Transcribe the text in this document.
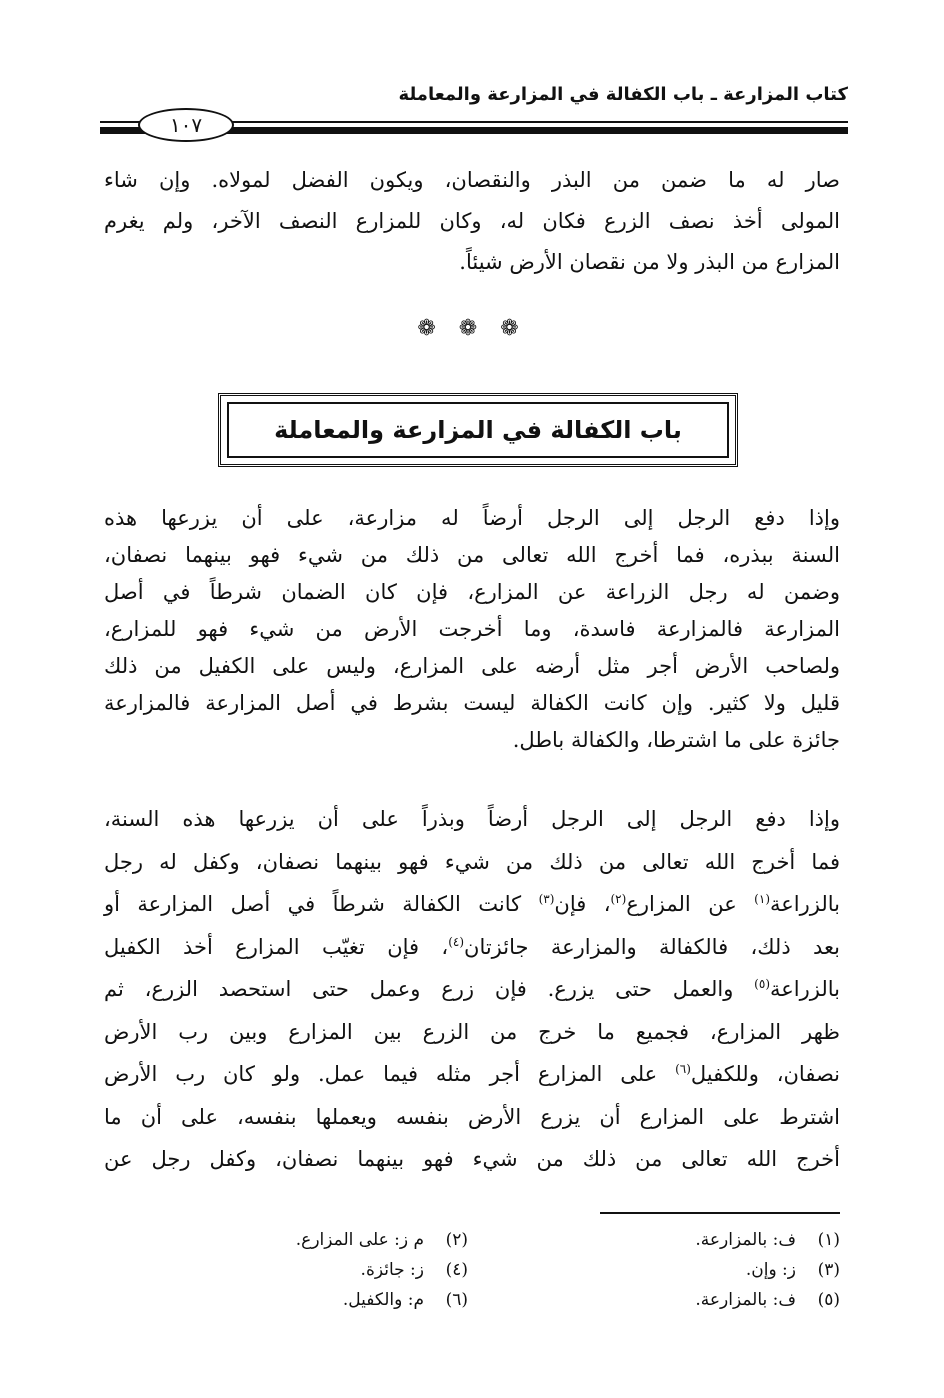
كتاب المزارعة ـ باب الكفالة في المزارعة والمعاملة
١٠٧
صار له ما ضمن من البذر والنقصان، ويكون الفضل لمولاه. وإن شاء
المولى أخذ نصف الزرع فكان له، وكان للمزارع النصف الآخر، ولم يغرم
المزارع من البذر ولا من نقصان الأرض شيئاً.
❁ ❁ ❁
باب الكفالة في المزارعة والمعاملة
وإذا دفع الرجل إلى الرجل أرضاً له مزارعة، على أن يزرعها هذه
السنة ببذره، فما أخرج الله تعالى من ذلك من شيء فهو بينهما نصفان،
وضمن له رجل الزراعة عن المزارع، فإن كان الضمان شرطاً في أصل
المزارعة فالمزارعة فاسدة، وما أخرجت الأرض من شيء فهو للمزارع،
ولصاحب الأرض أجر مثل أرضه على المزارع، وليس على الكفيل من ذلك
قليل ولا كثير. وإن كانت الكفالة ليست بشرط في أصل المزارعة فالمزارعة
جائزة على ما اشترطا، والكفالة باطل.
وإذا دفع الرجل إلى الرجل أرضاً وبذراً على أن يزرعها هذه السنة،
فما أخرج الله تعالى من ذلك من شيء فهو بينهما نصفان، وكفل له رجل
بالزراعة$^{(١)}$ عن المزارع$^{(٢)}$، فإن$^{(٣)}$ كانت الكفالة شرطاً في أصل المزارعة أو
بعد ذلك، فالكفالة والمزارعة جائزتان$^{(٤)}$، فإن تغيّب المزارع أخذ الكفيل
بالزراعة$^{(٥)}$ والعمل حتى يزرع. فإن زرع وعمل حتى استحصد الزرع، ثم
ظهر المزارع، فجميع ما خرج من الزرع بين المزارع وبين رب الأرض
نصفان، وللكفيل$^{(٦)}$ على المزارع أجر مثله فيما عمل. ولو كان رب الأرض
اشترط على المزارع أن يزرع الأرض بنفسه ويعملها بنفسه، على أن ما
أخرج الله تعالى من ذلك من شيء فهو بينهما نصفان، وكفل رجل عن
(١)ف: بالمزارعة.
(٣)ز: وإن.
(٥)ف: بالمزارعة.
(٢)م ز: على المزارع.
(٤)ز: جائزة.
(٦)م: والكفيل.
